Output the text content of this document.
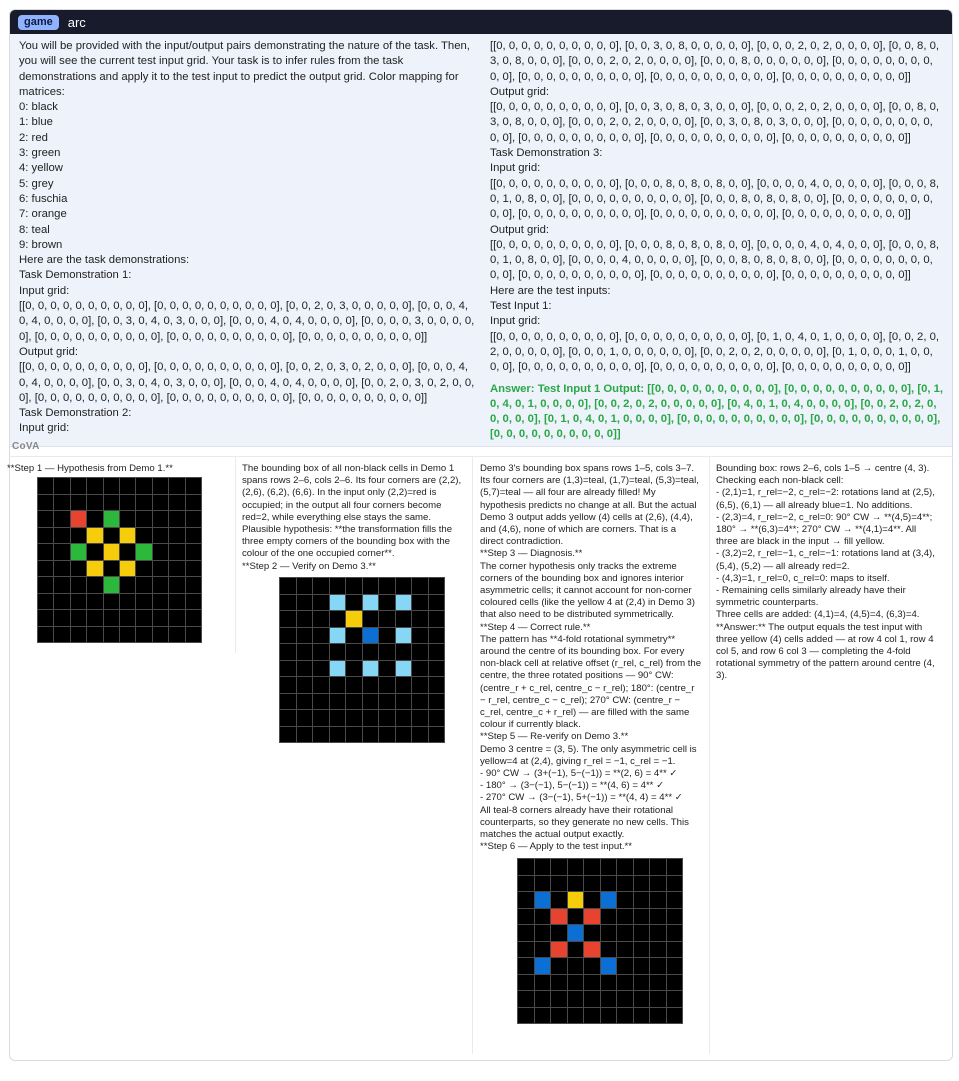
game	arc
You will be provided with the input/output pairs demonstrating the nature of the task. Then, you will see the current test input grid. Your task is to infer rules from the task demonstrations and apply it to the test input to predict the output grid. Color mapping for matrices:
0: black
1: blue
2: red
3: green
4: yellow
5: grey
6: fuschia
7: orange
8: teal
9: brown
Here are the task demonstrations:
Task Demonstration 1:
Input grid:
[[0, 0, 0, 0, 0, 0, 0, 0, 0, 0], [0, 0, 0, 0, 0, 0, 0, 0, 0, 0], [0, 0, 2, 0, 3, 0, 0, 0, 0, 0], [0, 0, 0, 4, 0, 4, 0, 0, 0, 0], [0, 0, 3, 0, 4, 0, 3, 0, 0, 0], [0, 0, 0, 4, 0, 4, 0, 0, 0, 0], [0, 0, 0, 0, 3, 0, 0, 0, 0, 0], [0, 0, 0, 0, 0, 0, 0, 0, 0, 0], [0, 0, 0, 0, 0, 0, 0, 0, 0, 0], [0, 0, 0, 0, 0, 0, 0, 0, 0, 0]]
Output grid:
[[0, 0, 0, 0, 0, 0, 0, 0, 0, 0], [0, 0, 0, 0, 0, 0, 0, 0, 0, 0], [0, 0, 2, 0, 3, 0, 2, 0, 0, 0], [0, 0, 0, 4, 0, 4, 0, 0, 0, 0], [0, 0, 3, 0, 4, 0, 3, 0, 0, 0], [0, 0, 0, 4, 0, 4, 0, 0, 0, 0], [0, 0, 2, 0, 3, 0, 2, 0, 0, 0], [0, 0, 0, 0, 0, 0, 0, 0, 0, 0], [0, 0, 0, 0, 0, 0, 0, 0, 0, 0], [0, 0, 0, 0, 0, 0, 0, 0, 0, 0]]
Task Demonstration 2:
Input grid:
[[0, 0, 0, 0, 0, 0, 0, 0, 0, 0], [0, 0, 3, 0, 8, 0, 0, 0, 0, 0], [0, 0, 0, 2, 0, 2, 0, 0, 0, 0], [0, 0, 8, 0, 3, 0, 8, 0, 0, 0], [0, 0, 0, 2, 0, 2, 0, 0, 0, 0], [0, 0, 0, 8, 0, 0, 0, 0, 0, 0], [0, 0, 0, 0, 0, 0, 0, 0, 0, 0], [0, 0, 0, 0, 0, 0, 0, 0, 0, 0], [0, 0, 0, 0, 0, 0, 0, 0, 0, 0], [0, 0, 0, 0, 0, 0, 0, 0, 0, 0]]
Output grid:
[[0, 0, 0, 0, 0, 0, 0, 0, 0, 0], [0, 0, 3, 0, 8, 0, 3, 0, 0, 0], [0, 0, 0, 2, 0, 2, 0, 0, 0, 0], [0, 0, 8, 0, 3, 0, 8, 0, 0, 0], [0, 0, 0, 2, 0, 2, 0, 0, 0, 0], [0, 0, 3, 0, 8, 0, 3, 0, 0, 0], [0, 0, 0, 0, 0, 0, 0, 0, 0, 0], [0, 0, 0, 0, 0, 0, 0, 0, 0, 0], [0, 0, 0, 0, 0, 0, 0, 0, 0, 0], [0, 0, 0, 0, 0, 0, 0, 0, 0, 0]]
Task Demonstration 3:
Input grid:
[[0, 0, 0, 0, 0, 0, 0, 0, 0, 0], [0, 0, 0, 8, 0, 8, 0, 8, 0, 0], [0, 0, 0, 0, 4, 0, 0, 0, 0, 0], [0, 0, 0, 8, 0, 1, 0, 8, 0, 0], [0, 0, 0, 0, 0, 0, 0, 0, 0, 0], [0, 0, 0, 8, 0, 8, 0, 8, 0, 0], [0, 0, 0, 0, 0, 0, 0, 0, 0, 0], [0, 0, 0, 0, 0, 0, 0, 0, 0, 0], [0, 0, 0, 0, 0, 0, 0, 0, 0, 0], [0, 0, 0, 0, 0, 0, 0, 0, 0, 0]]
Output grid:
[[0, 0, 0, 0, 0, 0, 0, 0, 0, 0], [0, 0, 0, 8, 0, 8, 0, 8, 0, 0], [0, 0, 0, 0, 4, 0, 4, 0, 0, 0], [0, 0, 0, 8, 0, 1, 0, 8, 0, 0], [0, 0, 0, 0, 4, 0, 0, 0, 0, 0], [0, 0, 0, 8, 0, 8, 0, 8, 0, 0], [0, 0, 0, 0, 0, 0, 0, 0, 0, 0], [0, 0, 0, 0, 0, 0, 0, 0, 0, 0], [0, 0, 0, 0, 0, 0, 0, 0, 0, 0], [0, 0, 0, 0, 0, 0, 0, 0, 0, 0]]
Here are the test inputs:
Test Input 1:
Input grid:
[[0, 0, 0, 0, 0, 0, 0, 0, 0, 0], [0, 0, 0, 0, 0, 0, 0, 0, 0, 0], [0, 1, 0, 4, 0, 1, 0, 0, 0, 0], [0, 0, 2, 0, 2, 0, 0, 0, 0, 0], [0, 0, 0, 1, 0, 0, 0, 0, 0, 0], [0, 0, 2, 0, 2, 0, 0, 0, 0, 0], [0, 1, 0, 0, 0, 1, 0, 0, 0, 0], [0, 0, 0, 0, 0, 0, 0, 0, 0, 0], [0, 0, 0, 0, 0, 0, 0, 0, 0, 0], [0, 0, 0, 0, 0, 0, 0, 0, 0, 0]]
Answer: Test Input 1 Output: [[0, 0, 0, 0, 0, 0, 0, 0, 0, 0], [0, 0, 0, 0, 0, 0, 0, 0, 0, 0], [0, 1, 0, 4, 0, 1, 0, 0, 0, 0], [0, 0, 2, 0, 2, 0, 0, 0, 0, 0], [0, 4, 0, 1, 0, 4, 0, 0, 0, 0], [0, 0, 2, 0, 2, 0, 0, 0, 0, 0], [0, 1, 0, 4, 0, 1, 0, 0, 0, 0], [0, 0, 0, 0, 0, 0, 0, 0, 0, 0], [0, 0, 0, 0, 0, 0, 0, 0, 0, 0], [0, 0, 0, 0, 0, 0, 0, 0, 0, 0]]
CoVA
**Step 1 — Hypothesis from Demo 1.**	The bounding box of all non-black cells in Demo 1 spans rows 2–6, cols 2–6. Its four corners are (2,2), (2,6), (6,2), (6,6). In the input only (2,2)=red is occupied; in the output all four corners become red=2, while everything else stays the same. Plausible hypothesis: **the transformation fills the three empty corners of the bounding box with the colour of the one occupied corner**.
**Step 2 — Verify on Demo 3.**
Demo 3's bounding box spans rows 1–5, cols 3–7. Its four corners are (1,3)=teal, (1,7)=teal, (5,3)=teal, (5,7)=teal — all four are already filled! My hypothesis predicts no change at all. But the actual Demo 3 output adds yellow (4) cells at (2,6), (4,4), and (4,6), none of which are corners. That is a direct contradiction.
**Step 3 — Diagnosis.**
The corner hypothesis only tracks the extreme corners of the bounding box and ignores interior asymmetric cells; it cannot account for non-corner coloured cells (like the yellow 4 at (2,4) in Demo 3) that also need to be distributed symmetrically.
**Step 4 — Correct rule.**
The pattern has **4-fold rotational symmetry** around the centre of its bounding box. For every non-black cell at relative offset (r_rel, c_rel) from the centre, the three rotated positions — 90° CW: (centre_r + c_rel, centre_c − r_rel); 180°: (centre_r − r_rel, centre_c − c_rel); 270° CW: (centre_r − c_rel, centre_c + r_rel) — are filled with the same colour if currently black.
**Step 5 — Re-verify on Demo 3.**
Demo 3 centre = (3, 5). The only asymmetric cell is yellow=4 at (2,4), giving r_rel = −1, c_rel = −1.
- 90° CW → (3+(−1), 5−(−1)) = **(2, 6) = 4** ✓
- 180° → (3−(−1), 5−(−1)) = **(4, 6) = 4** ✓
- 270° CW → (3−(−1), 5+(−1)) = **(4, 4) = 4** ✓
All teal-8 corners already have their rotational counterparts, so they generate no new cells. This matches the actual output exactly.
**Step 6 — Apply to the test input.**
Bounding box: rows 2–6, cols 1–5 → centre (4, 3). Checking each non-black cell:
- (2,1)=1, r_rel=−2, c_rel=−2: rotations land at (2,5), (6,5), (6,1) — all already blue=1. No additions.
- (2,3)=4, r_rel=−2, c_rel=0: 90° CW → **(4,5)=4**; 180° → **(6,3)=4**; 270° CW → **(4,1)=4**. All three are black in the input → fill yellow.
- (3,2)=2, r_rel=−1, c_rel=−1: rotations land at (3,4), (5,4), (5,2) — all already red=2.
- (4,3)=1, r_rel=0, c_rel=0: maps to itself.
- Remaining cells similarly already have their symmetric counterparts.
Three cells are added: (4,1)=4, (4,5)=4, (6,3)=4.
**Answer:** The output equals the test input with three yellow (4) cells added — at row 4 col 1, row 4 col 5, and row 6 col 3 — completing the 4-fold rotational symmetry of the pattern around centre (4, 3).
